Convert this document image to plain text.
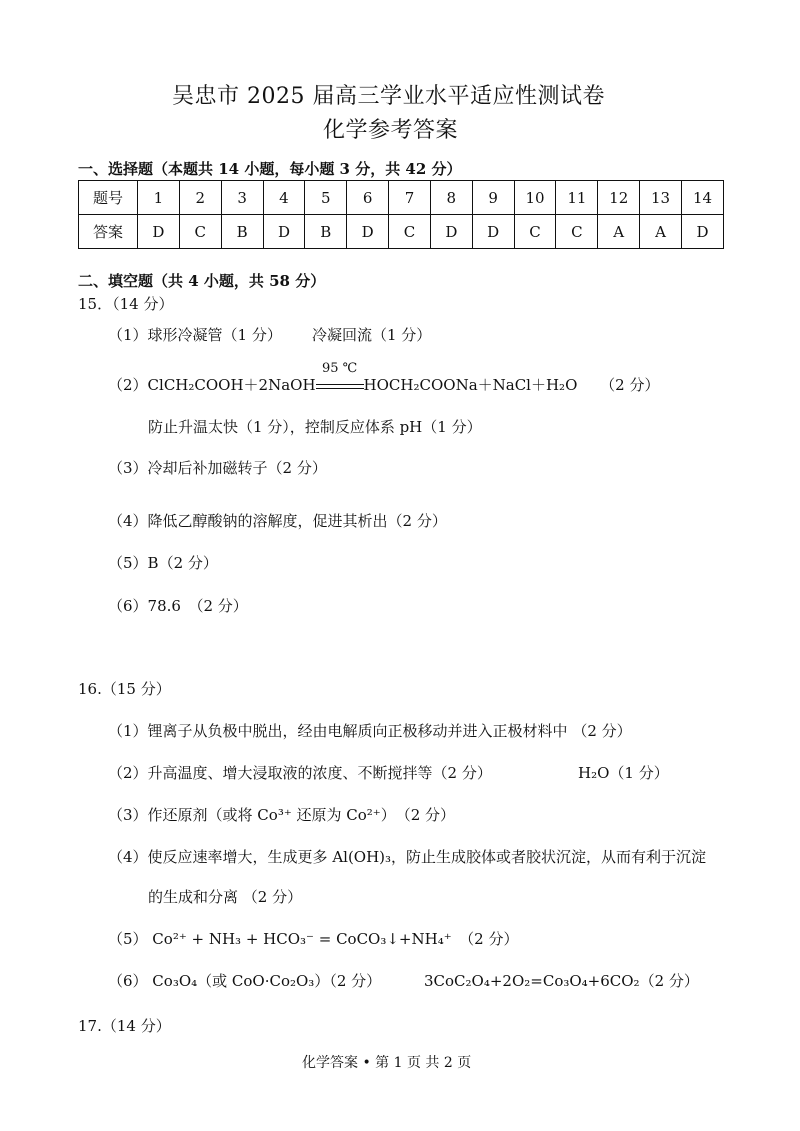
吴忠市 2025 届高三学业水平适应性测试卷
化学参考答案
一、选择题（本题共 14 小题，每小题 3 分，共 42 分）
题号	1	2	3	4	5	6	7	8	9	10	11	12	13	14
答案	D	C	B	D	B	D	C	D	D	C	C	A	A	D
二、填空题（共 4 小题，共 58 分）
15．（14 分）
（1）球形冷凝管（1 分） 冷凝回流（1 分）
（2）ClCH₂COOH＋2NaOH
95 ℃
HOCH₂COONa＋NaCl＋H₂O （2 分）
防止升温太快（1 分），控制反应体系 pH（1 分）
（3）冷却后补加磁转子（2 分）
（4）降低乙醇酸钠的溶解度，促进其析出（2 分）
（5）B（2 分）
（6）78.6　（2 分）
16.（15 分）
（1）锂离子从负极中脱出，经由电解质向正极移动并进入正极材料中 （2 分）
（2）升高温度、增大浸取液的浓度、不断搅拌等（2 分）	H₂O（1 分）
（3）作还原剂（或将 Co³⁺ 还原为 Co²⁺）　（2 分）
（4）使反应速率增大，生成更多 Al(OH)₃，防止生成胶体或者胶状沉淀，从而有利于沉淀
的生成和分离 （2 分）
（5） Co²⁺ + NH₃ + HCO₃⁻ = CoCO₃↓+NH₄⁺　（2 分）
（6） Co₃O₄（或 CoO·Co₂O₃）（2 分）	3CoC₂O₄+2O₂=Co₃O₄+6CO₂（2 分）
17.（14 分）
化学答案 • 第 1 页 共 2 页
